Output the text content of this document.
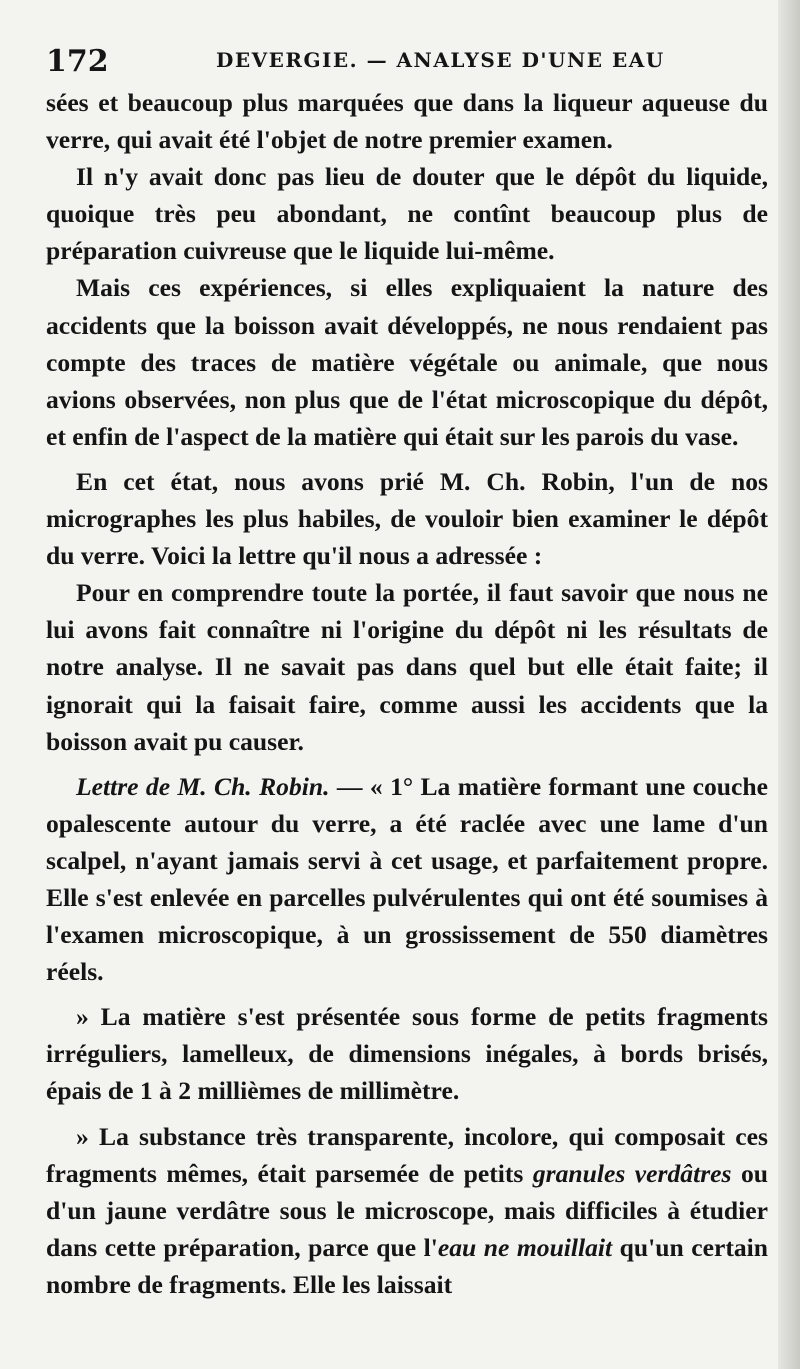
172	DEVERGIE. — ANALYSE D'UNE EAU

sées et beaucoup plus marquées que dans la liqueur aqueuse du verre, qui avait été l'objet de notre premier examen.

Il n'y avait donc pas lieu de douter que le dépôt du liquide, quoique très peu abondant, ne contînt beaucoup plus de préparation cuivreuse que le liquide lui-même.

Mais ces expériences, si elles expliquaient la nature des accidents que la boisson avait développés, ne nous rendaient pas compte des traces de matière végétale ou animale, que nous avions observées, non plus que de l'état microscopique du dépôt, et enfin de l'aspect de la matière qui était sur les parois du vase.

En cet état, nous avons prié M. Ch. Robin, l'un de nos micrographes les plus habiles, de vouloir bien examiner le dépôt du verre. Voici la lettre qu'il nous a adressée :

Pour en comprendre toute la portée, il faut savoir que nous ne lui avons fait connaître ni l'origine du dépôt ni les résultats de notre analyse. Il ne savait pas dans quel but elle était faite; il ignorait qui la faisait faire, comme aussi les accidents que la boisson avait pu causer.

Lettre de M. Ch. Robin. — « 1° La matière formant une couche opalescente autour du verre, a été raclée avec une lame d'un scalpel, n'ayant jamais servi à cet usage, et parfaitement propre. Elle s'est enlevée en parcelles pulvérulentes qui ont été soumises à l'examen microscopique, à un grossissement de 550 diamètres réels.

» La matière s'est présentée sous forme de petits fragments irréguliers, lamelleux, de dimensions inégales, à bords brisés, épais de 1 à 2 millièmes de millimètre.

» La substance très transparente, incolore, qui composait ces fragments mêmes, était parsemée de petits granules verdâtres ou d'un jaune verdâtre sous le microscope, mais difficiles à étudier dans cette préparation, parce que l'eau ne mouillait qu'un certain nombre de fragments. Elle les laissait
